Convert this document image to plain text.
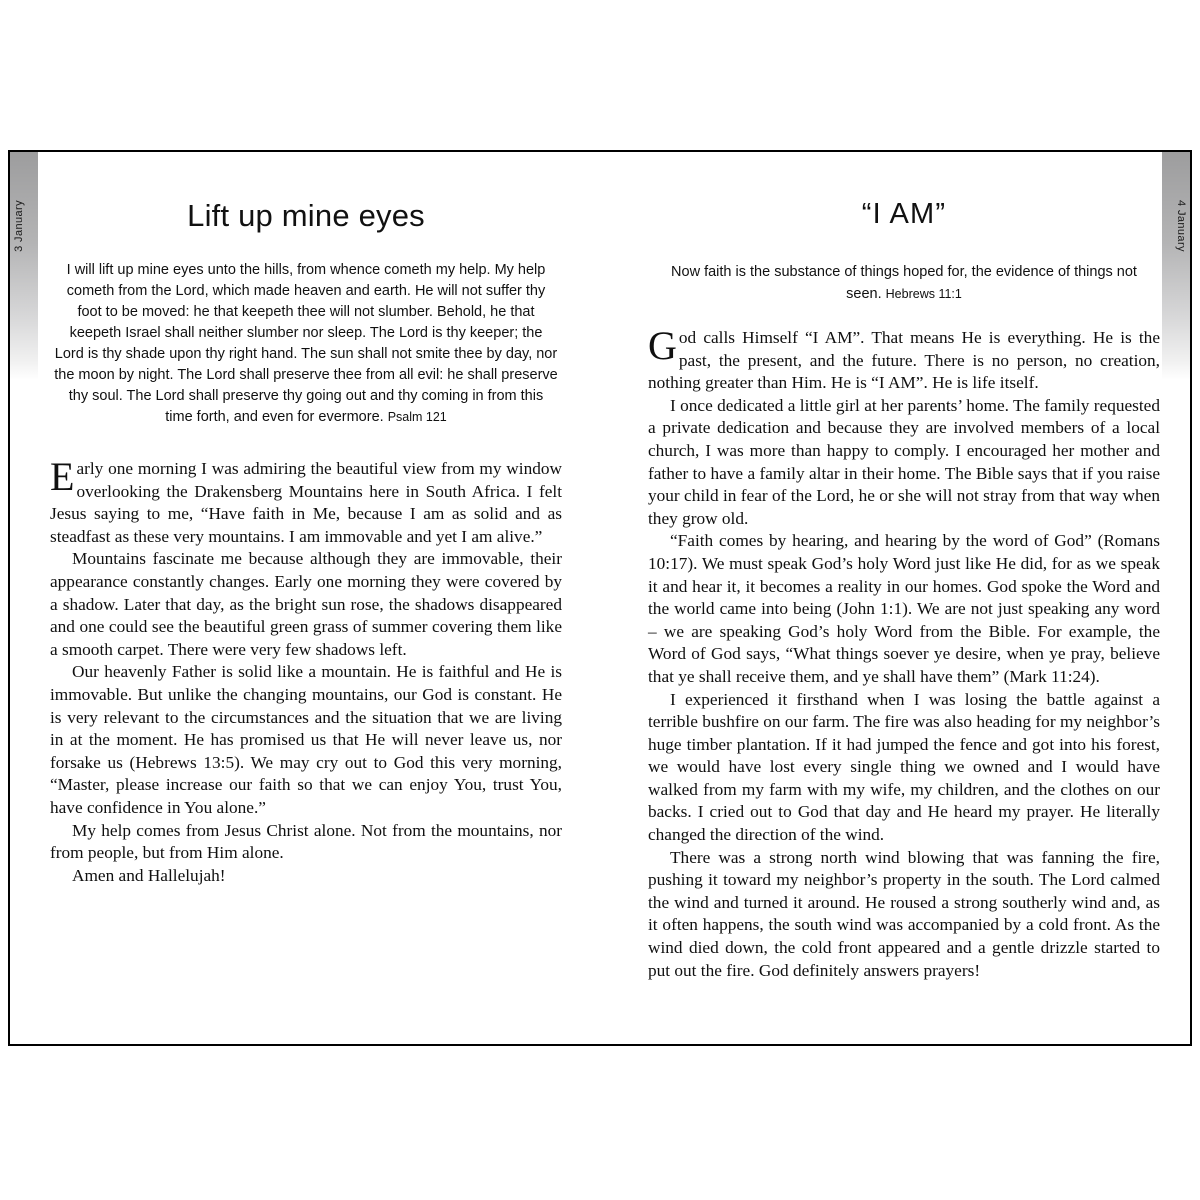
3 January	Lift up mine eyes
I will lift up mine eyes unto the hills, from whence cometh my help. My help cometh from the Lord, which made heaven and earth. He will not suffer thy foot to be moved: he that keepeth thee will not slumber. Behold, he that keepeth Israel shall neither slumber nor sleep. The Lord is thy keeper; the Lord is thy shade upon thy right hand. The sun shall not smite thee by day, nor the moon by night. The Lord shall preserve thee from all evil: he shall preserve thy soul. The Lord shall preserve thy going out and thy coming in from this time forth, and even for evermore. Psalm 121

E arly one morning I was admiring the beautiful view from my window overlooking the Drakensberg Mountains here in South Africa. I felt Jesus saying to me, “Have faith in Me, because I am as solid and as steadfast as these very mountains. I am immovable and yet I am alive.”

Mountains fascinate me because although they are immovable, their appearance constantly changes. Early one morning they were covered by a shadow. Later that day, as the bright sun rose, the shadows disappeared and one could see the beautiful green grass of summer covering them like a smooth carpet. There were very few shadows left.

Our heavenly Father is solid like a mountain. He is faithful and He is immovable. But unlike the changing mountains, our God is constant. He is very relevant to the circumstances and the situation that we are living in at the moment. He has promised us that He will never leave us, nor forsake us (Hebrews 13:5). We may cry out to God this very morning, “Master, please increase our faith so that we can enjoy You, trust You, have confidence in You alone.”

My help comes from Jesus Christ alone. Not from the mountains, nor from people, but from Him alone.

Amen and Hallelujah!

4 January
“I AM”
Now faith is the substance of things hoped for, the evidence of things not seen. Hebrews 11:1

G od calls Himself “I AM”. That means He is everything. He is the past, the present, and the future. There is no person, no creation, nothing greater than Him. He is “I AM”. He is life itself.

I once dedicated a little girl at her parents’ home. The family requested a private dedication and because they are involved members of a local church, I was more than happy to comply. I encouraged her mother and father to have a family altar in their home. The Bible says that if you raise your child in fear of the Lord, he or she will not stray from that way when they grow old.

“Faith comes by hearing, and hearing by the word of God” (Romans 10:17). We must speak God’s holy Word just like He did, for as we speak it and hear it, it becomes a reality in our homes. God spoke the Word and the world came into being (John 1:1). We are not just speaking any word – we are speaking God’s holy Word from the Bible. For example, the Word of God says, “What things soever ye desire, when ye pray, believe that ye shall receive them, and ye shall have them” (Mark 11:24).

I experienced it firsthand when I was losing the battle against a terrible bushfire on our farm. The fire was also heading for my neighbor’s huge timber plantation. If it had jumped the fence and got into his forest, we would have lost every single thing we owned and I would have walked from my farm with my wife, my children, and the clothes on our backs. I cried out to God that day and He heard my prayer. He literally changed the direction of the wind.

There was a strong north wind blowing that was fanning the fire, pushing it toward my neighbor’s property in the south. The Lord calmed the wind and turned it around. He roused a strong southerly wind and, as it often happens, the south wind was accompanied by a cold front. As the wind died down, the cold front appeared and a gentle drizzle started to put out the fire. God definitely answers prayers!
